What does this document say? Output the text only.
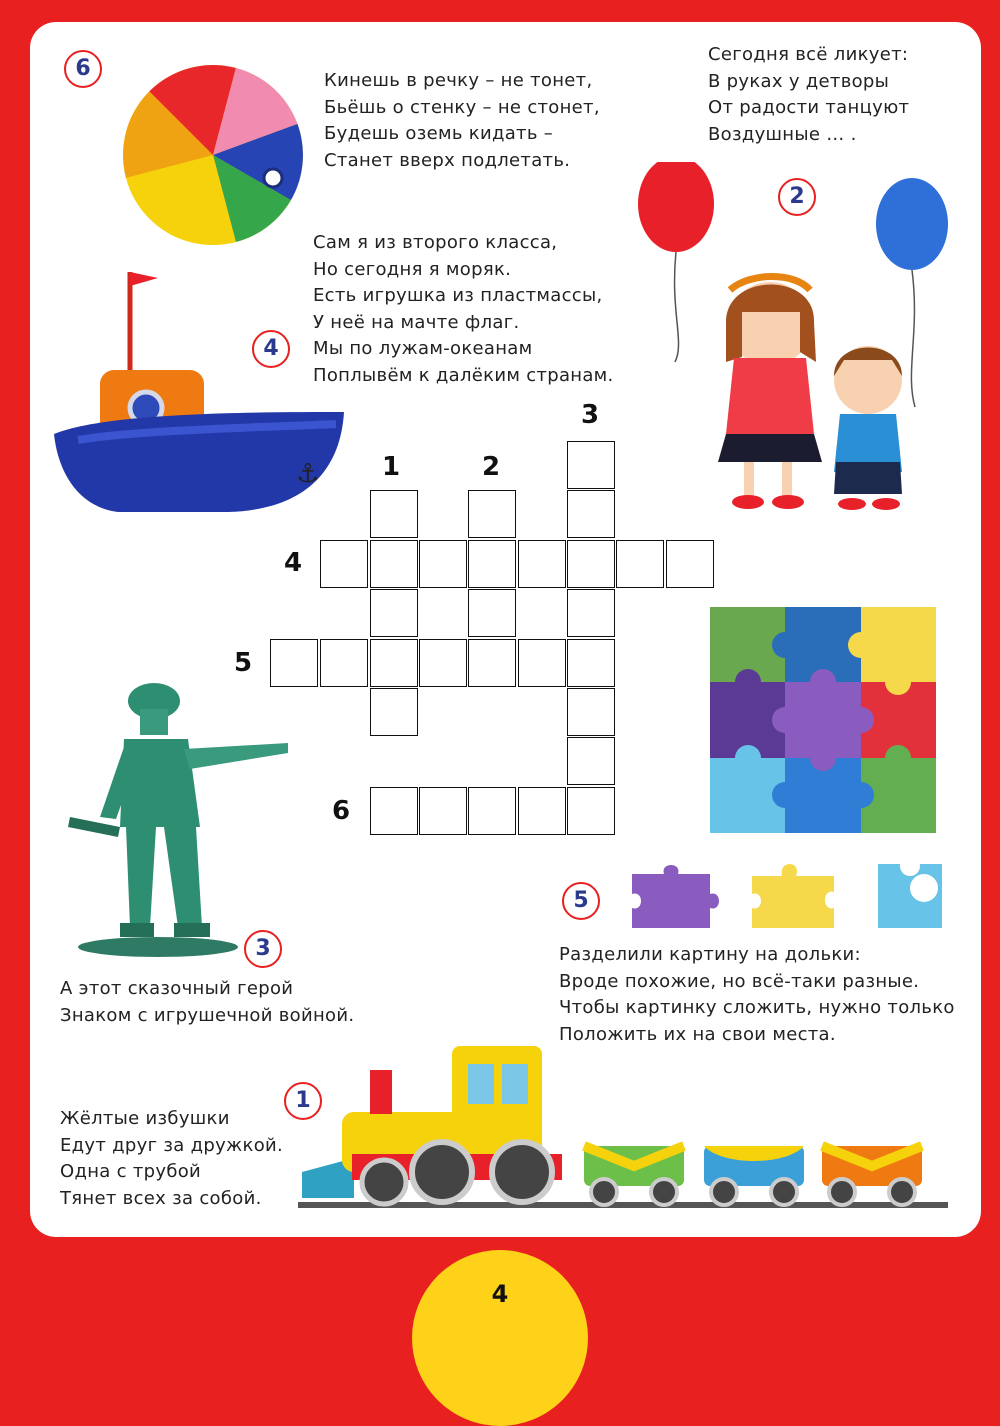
6	Кинешь в речку – не тонет,
Бьёшь о стенку – не стонет,
Будешь оземь кидать –
Станет вверх подлетать.
Сегодня всё ликует:
В руках у детворы
От радости танцуют
Воздушные … .
2
Сам я из второго класса,
Но сегодня я моряк.
Есть игрушка из пластмассы,
У неё на мачте флаг.
Мы по лужам-океанам
Поплывём к далёким странам.
4
⚓ 1	2
3
4
5
6
5
Разделили картину на дольки:
Вроде похожие, но всё-таки разные.
Чтобы картинку сложить, нужно только
Положить их на свои места.
3
А этот сказочный герой
Знаком с игрушечной войной.
1
Жёлтые избушки
Едут друг за дружкой.
Одна с трубой
Тянет всех за собой.
4
